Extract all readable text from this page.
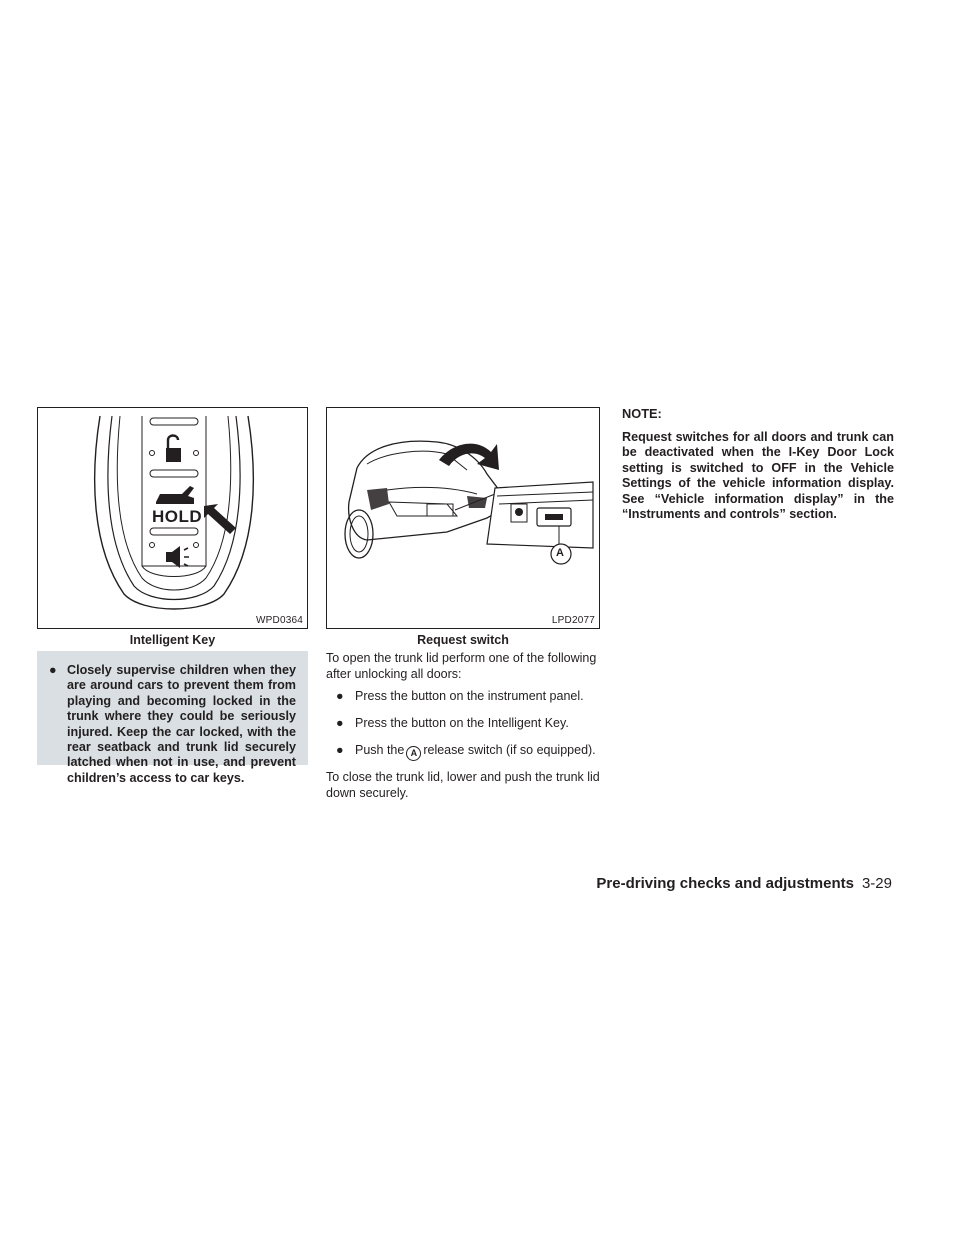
HOLD
WPD0364
Intelligent Key
● Closely supervise children when they are around cars to prevent them from playing and becoming locked in the trunk where they could be seriously injured. Keep the car locked, with the rear seatback and trunk lid securely latched when not in use, and prevent children’s access to car keys.
A
LPD2077
Request switch
To open the trunk lid perform one of the following after unlocking all doors:
● Press the button on the instrument panel.
● Press the button on the Intelligent Key.
● Push the A release switch (if so equipped).
To close the trunk lid, lower and push the trunk lid down securely.
NOTE:
Request switches for all doors and trunk can be deactivated when the I-Key Door Lock setting is switched to OFF in the Vehicle Settings of the vehicle information display. See “Vehicle information display” in the “Instruments and controls” section.
Pre-driving checks and adjustments 3-29
